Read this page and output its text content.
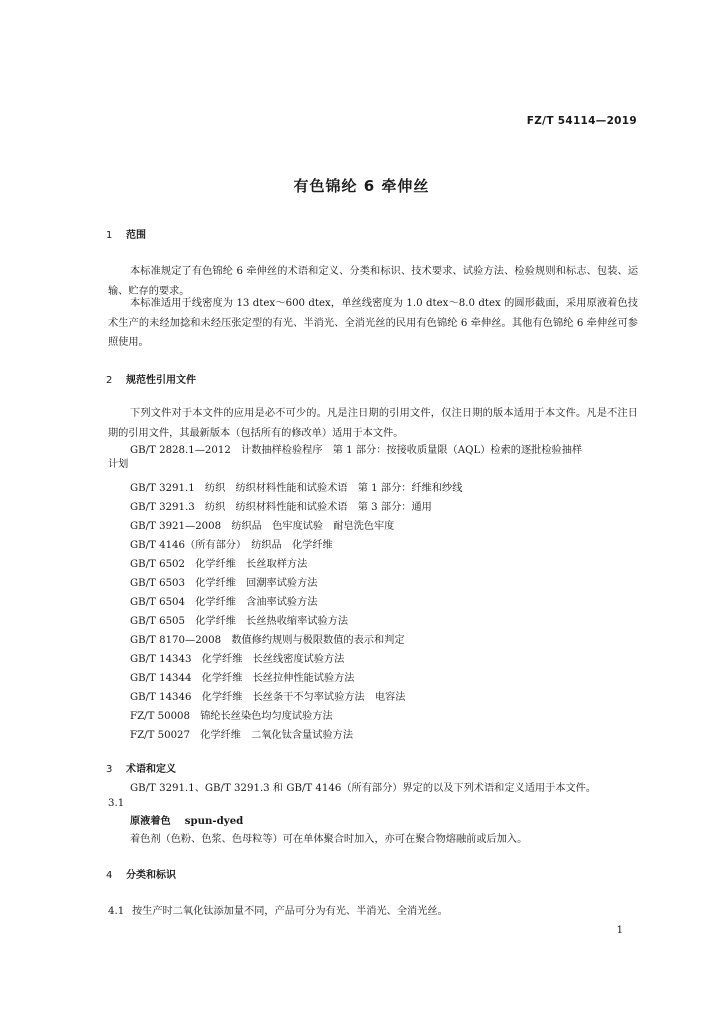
FZ/T 54114—2019
有色锦纶 6 牵伸丝
1 范围

本标准规定了有色锦纶 6 牵伸丝的术语和定义、分类和标识、技术要求、试验方法、检验规则和标志、包装、运输、贮存的要求。

本标准适用于线密度为 13 dtex～600 dtex，单丝线密度为 1.0 dtex～8.0 dtex 的圆形截面，采用原液着色技术生产的未经加捻和未经压张定型的有光、半消光、全消光丝的民用有色锦纶 6 牵伸丝。其他有色锦纶 6 牵伸丝可参照使用。

2 规范性引用文件

下列文件对于本文件的应用是必不可少的。凡是注日期的引用文件，仅注日期的版本适用于本文件。凡是不注日期的引用文件，其最新版本（包括所有的修改单）适用于本文件。

GB/T 2828.1—2012　计数抽样检验程序　第 1 部分：按接收质量限（AQL）检索的逐批检验抽样
计划
GB/T 3291.1　纺织　纺织材料性能和试验术语　第 1 部分：纤维和纱线
GB/T 3291.3　纺织　纺织材料性能和试验术语　第 3 部分：通用
GB/T 3921—2008　纺织品　色牢度试验　耐皂洗色牢度
GB/T 4146（所有部分）　纺织品　化学纤维
GB/T 6502　化学纤维　长丝取样方法
GB/T 6503　化学纤维　回潮率试验方法
GB/T 6504　化学纤维　含油率试验方法
GB/T 6505　化学纤维　长丝热收缩率试验方法
GB/T 8170—2008　数值修约规则与极限数值的表示和判定
GB/T 14343　化学纤维　长丝线密度试验方法
GB/T 14344　化学纤维　长丝拉伸性能试验方法
GB/T 14346　化学纤维　长丝条干不匀率试验方法　电容法
FZ/T 50008　锦纶长丝染色均匀度试验方法
FZ/T 50027　化学纤维　二氧化钛含量试验方法
3 术语和定义

GB/T 3291.1、GB/T 3291.3 和 GB/T 4146（所有部分）界定的以及下列术语和定义适用于本文件。

原液着色 spun-dyed
3.1
着色剂（色粉、色浆、色母粒等）可在单体聚合时加入，亦可在聚合物熔融前或后加入。
4 分类和标识
4.1 按生产时二氧化钛添加量不同，产品可分为有光、半消光、全消光丝。
1
